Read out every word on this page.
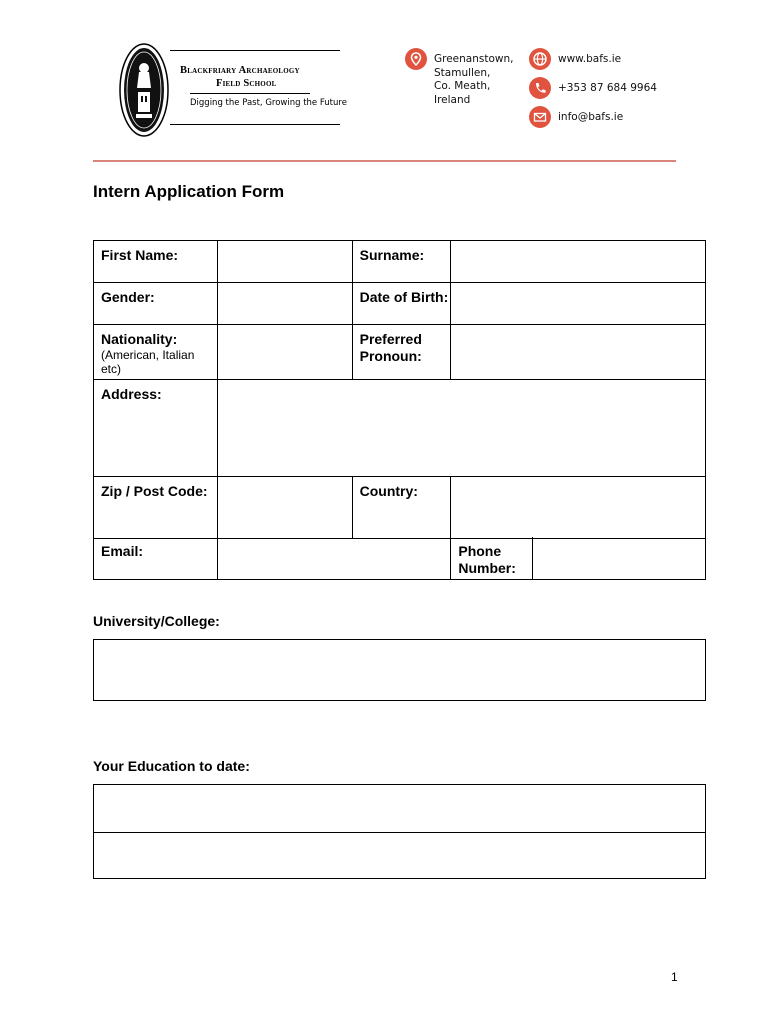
Blackfriary Archaeology
Field School
Digging the Past, Growing the Future
Greenanstown,
Stamullen,
Co. Meath,
Ireland
www.bafs.ie
+353 87 684 9964
info@bafs.ie
Intern Application Form
First Name:		Surname:	
Gender:		Date of Birth:	
Nationality:
(American, Italian etc)		Preferred Pronoun:	
Address:			
Zip / Post Code:		Country:	
Email:		Phone Number:	
University/College:
Your Education to date:
1
